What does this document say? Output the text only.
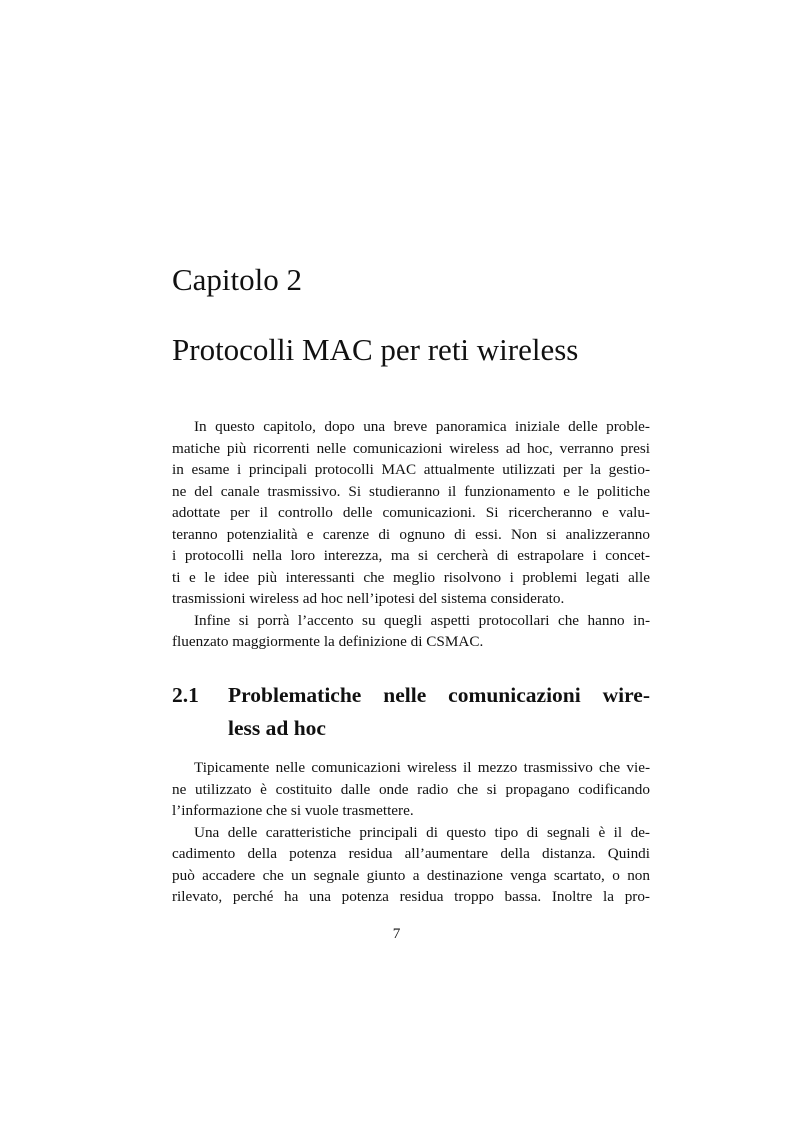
Capitolo 2
Protocolli MAC per reti wireless

In questo capitolo, dopo una breve panoramica iniziale delle proble-
matiche più ricorrenti nelle comunicazioni wireless ad hoc, verranno presi
in esame i principali protocolli MAC attualmente utilizzati per la gestio-
ne del canale trasmissivo. Si studieranno il funzionamento e le politiche
adottate per il controllo delle comunicazioni. Si ricercheranno e valu-
teranno potenzialità e carenze di ognuno di essi. Non si analizzeranno
i protocolli nella loro interezza, ma si cercherà di estrapolare i concet-
ti e le idee più interessanti che meglio risolvono i problemi legati alle
trasmissioni wireless ad hoc nell’ipotesi del sistema considerato.

Infine si porrà l’accento su quegli aspetti protocollari che hanno in-
fluenzato maggiormente la definizione di CSMAC.

2.1 Problematiche nelle comunicazioni wire-
less ad hoc

Tipicamente nelle comunicazioni wireless il mezzo trasmissivo che vie-
ne utilizzato è costituito dalle onde radio che si propagano codificando
l’informazione che si vuole trasmettere.

Una delle caratteristiche principali di questo tipo di segnali è il de-
cadimento della potenza residua all’aumentare della distanza. Quindi
può accadere che un segnale giunto a destinazione venga scartato, o non
rilevato, perché ha una potenza residua troppo bassa. Inoltre la pro-

7
